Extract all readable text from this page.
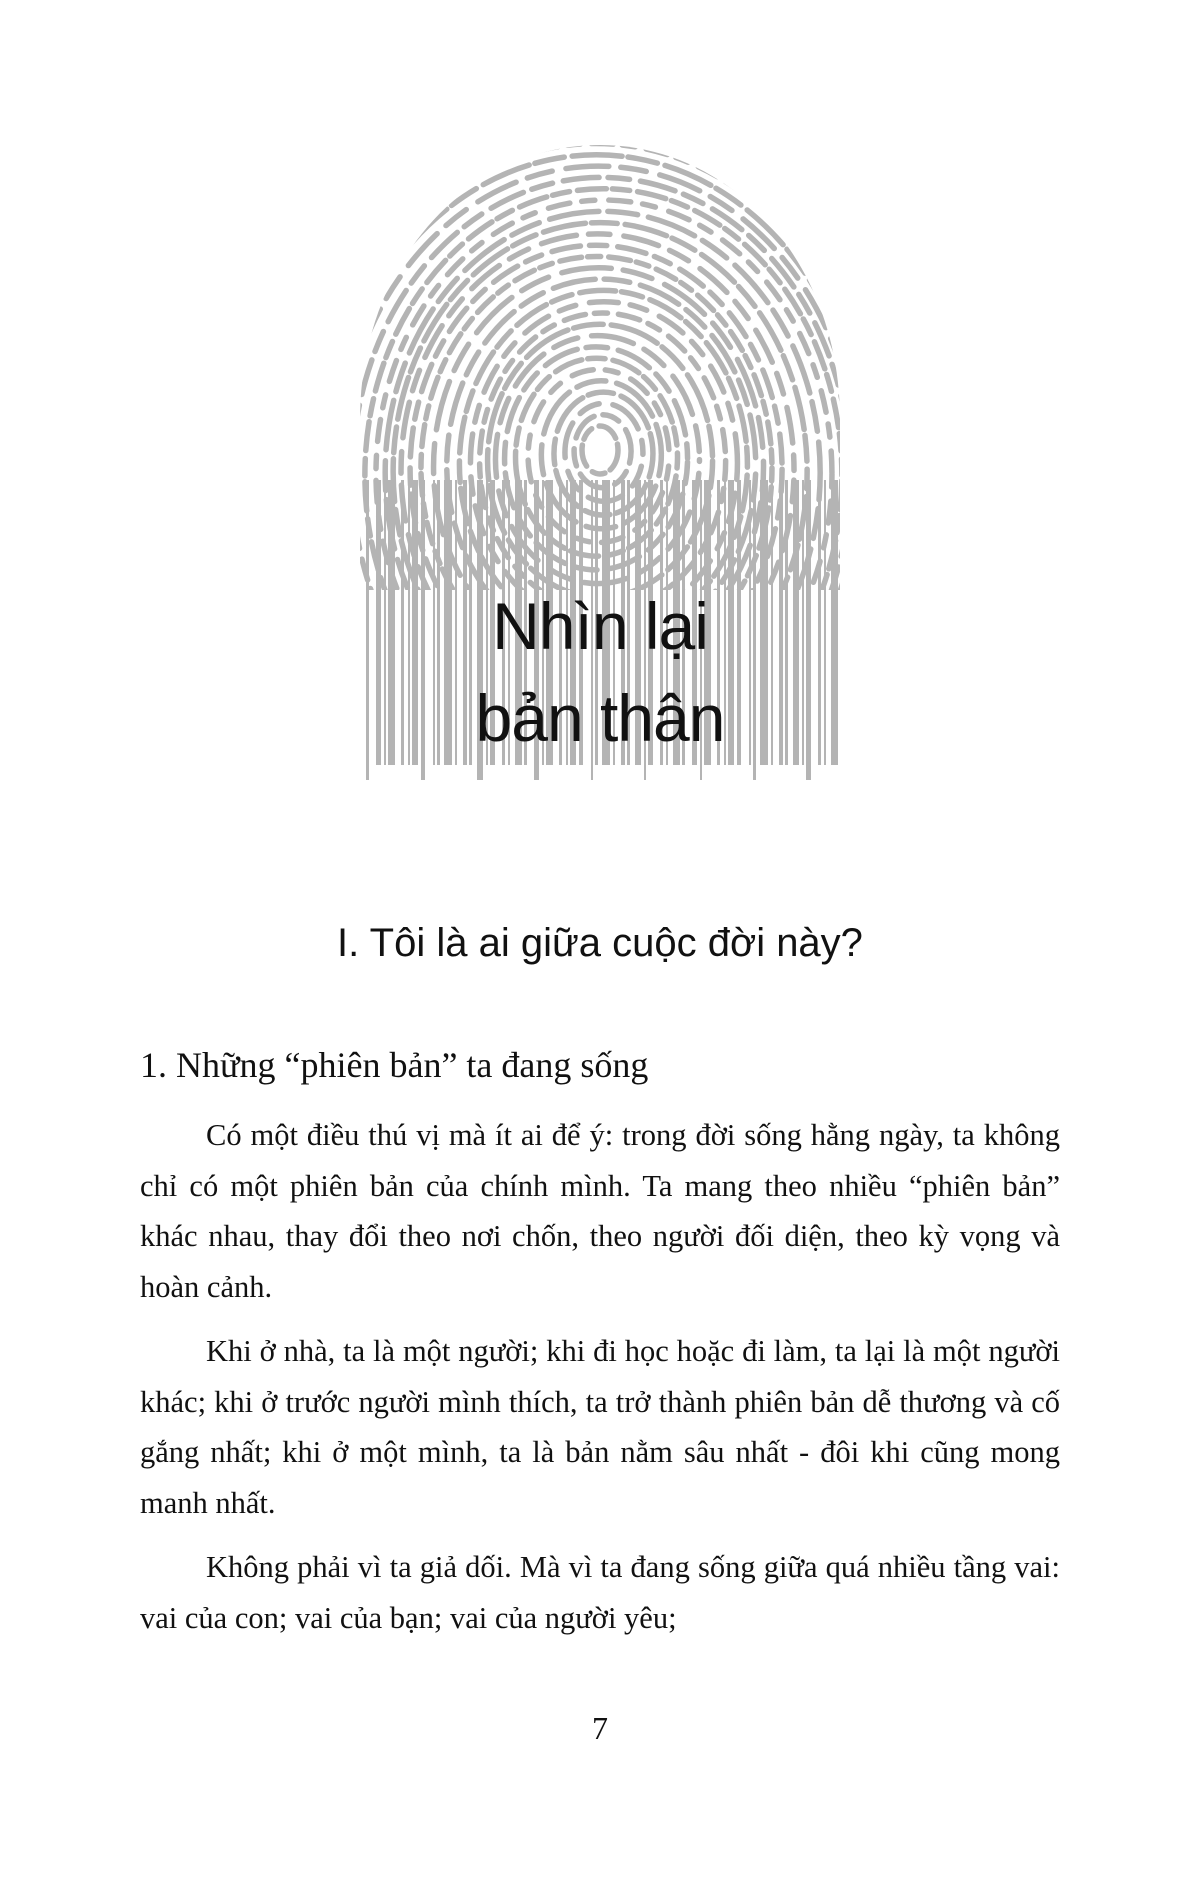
Nhìn lại
bản thân
I. Tôi là ai giữa cuộc đời này?
1. Những “phiên bản” ta đang sống

Có một điều thú vị mà ít ai để ý: trong đời sống hằng ngày, ta không chỉ có một phiên bản của chính mình. Ta mang theo nhiều “phiên bản” khác nhau, thay đổi theo nơi chốn, theo người đối diện, theo kỳ vọng và hoàn cảnh.

Khi ở nhà, ta là một người; khi đi học hoặc đi làm, ta lại là một người khác; khi ở trước người mình thích, ta trở thành phiên bản dễ thương và cố gắng nhất; khi ở một mình, ta là bản nằm sâu nhất - đôi khi cũng mong manh nhất.

Không phải vì ta giả dối. Mà vì ta đang sống giữa quá nhiều tầng vai: vai của con; vai của bạn; vai của người yêu;

7
